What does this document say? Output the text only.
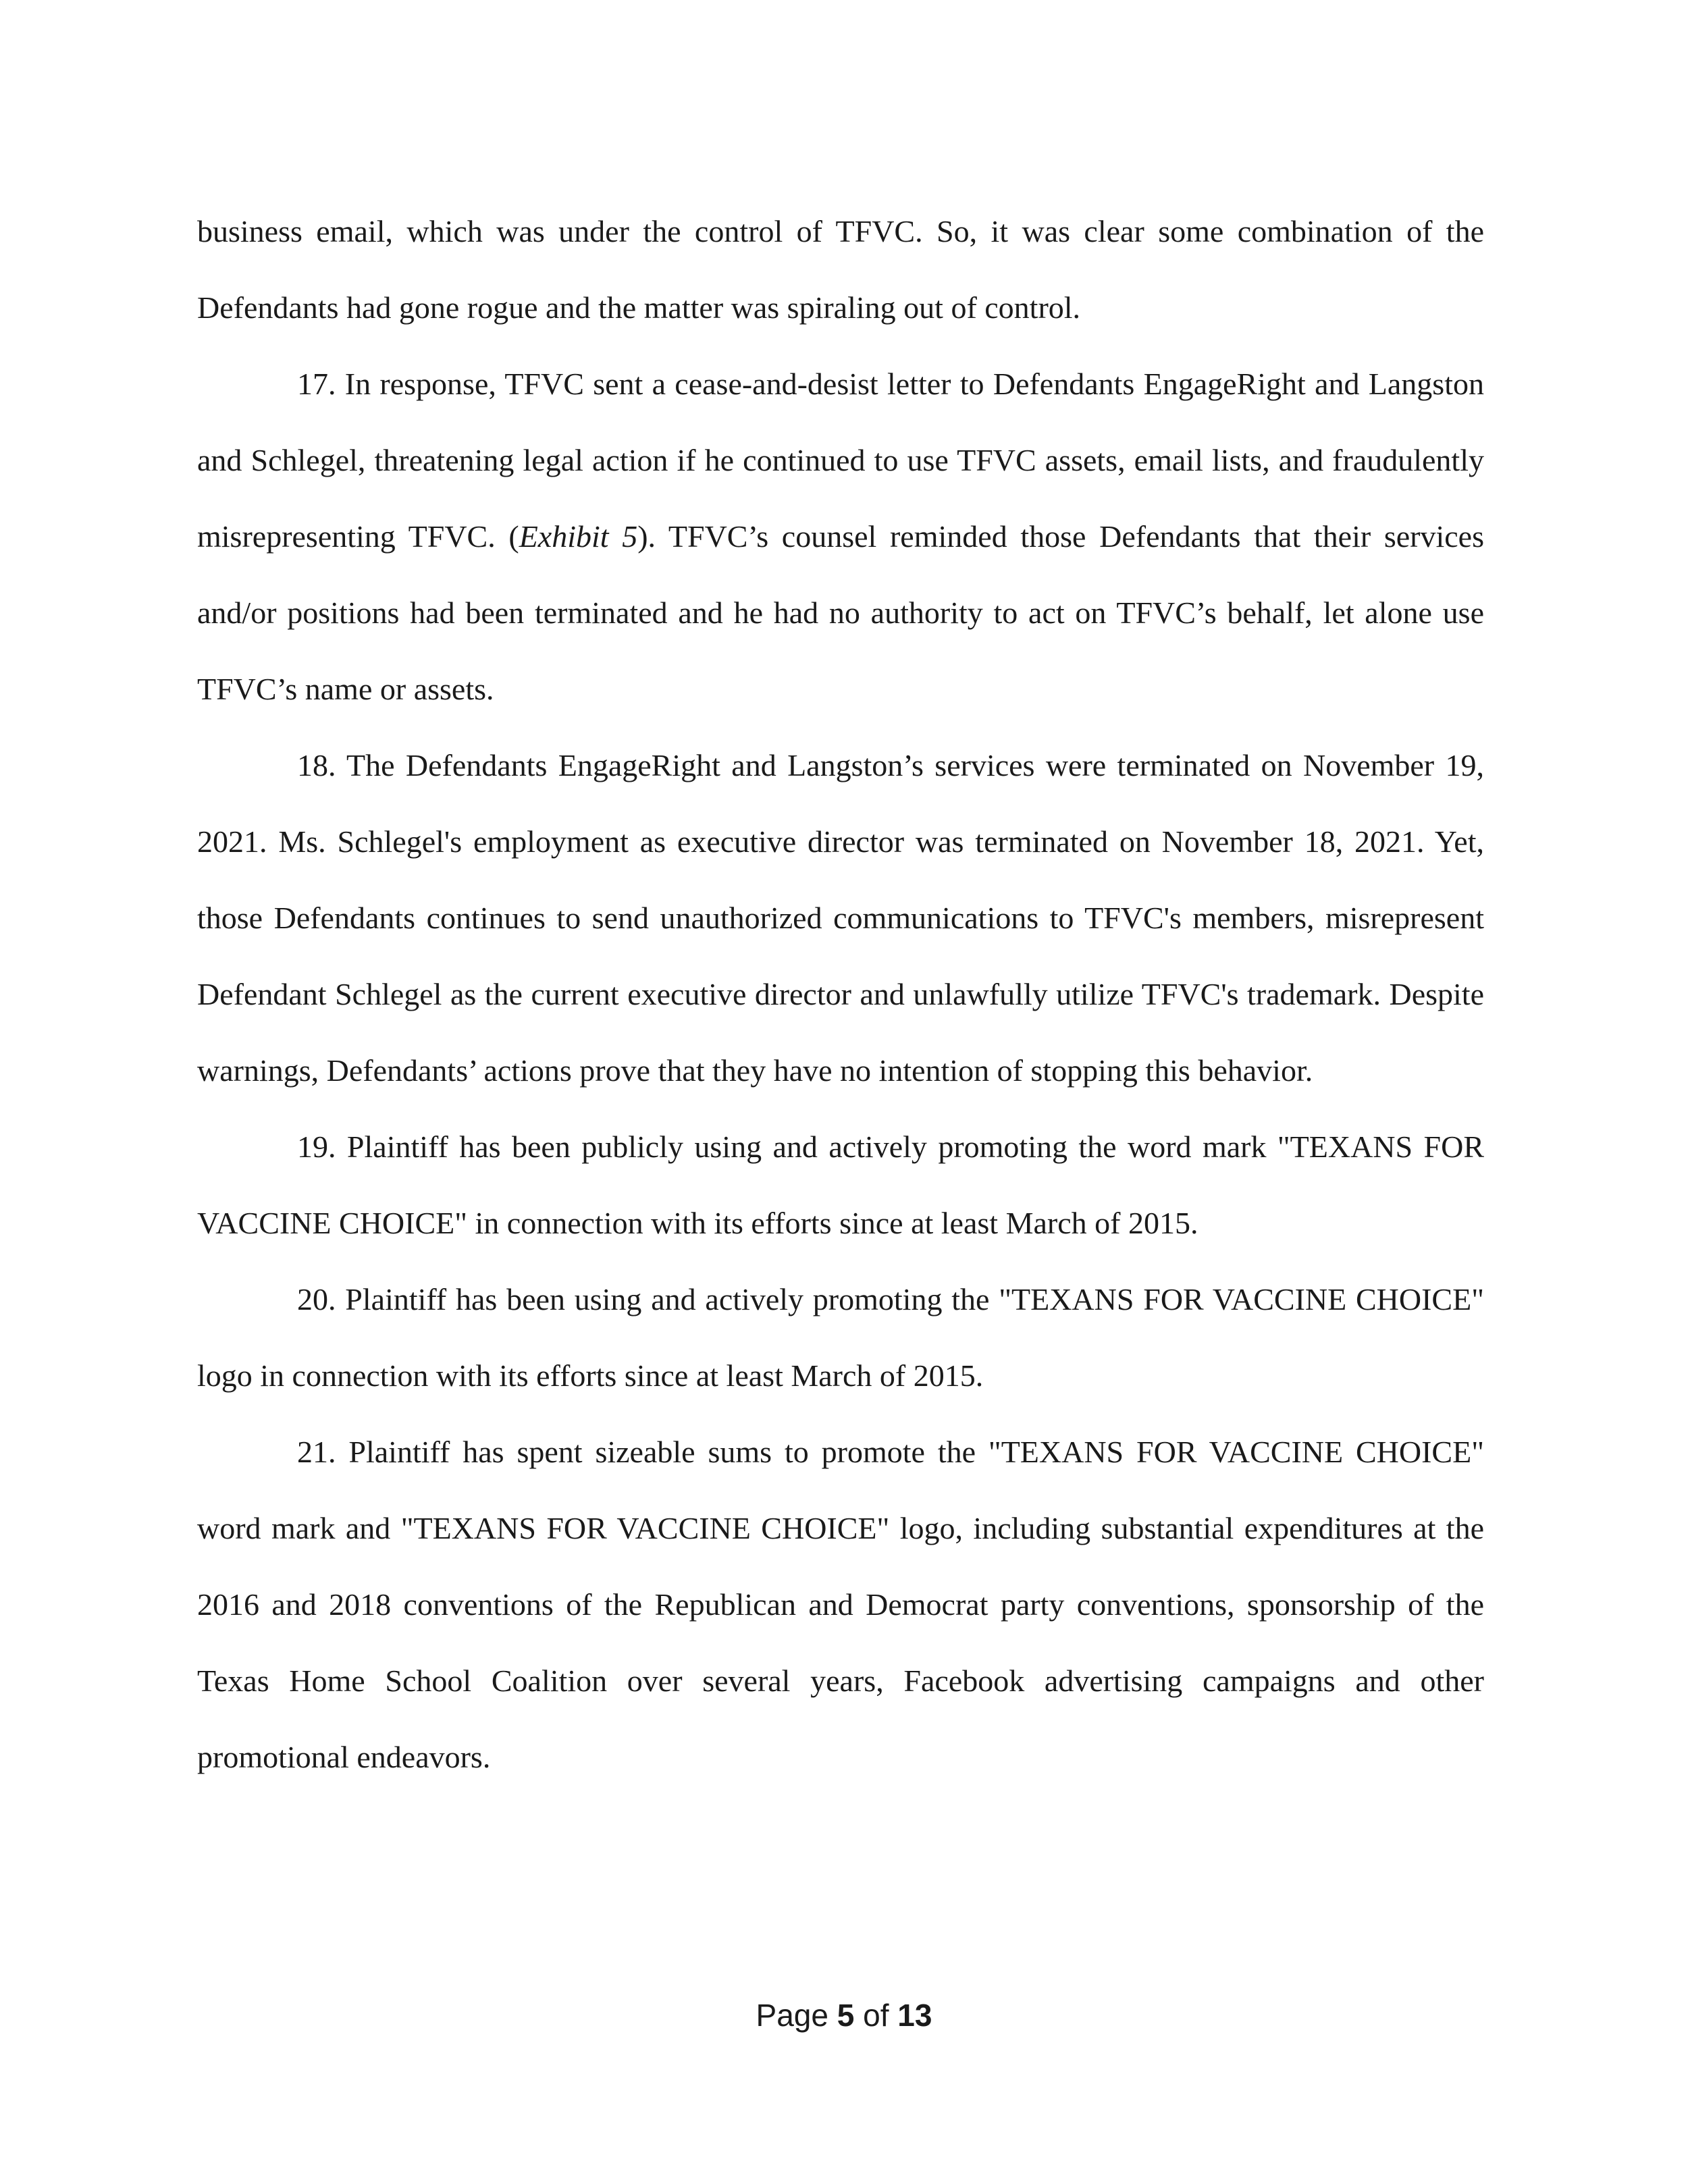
business email, which was under the control of TFVC. So, it was clear some combination of the Defendants had gone rogue and the matter was spiraling out of control.

17. In response, TFVC sent a cease-and-desist letter to Defendants EngageRight and Langston and Schlegel, threatening legal action if he continued to use TFVC assets, email lists, and fraudulently misrepresenting TFVC. (Exhibit 5). TFVC’s counsel reminded those Defendants that their services and/or positions had been terminated and he had no authority to act on TFVC’s behalf, let alone use TFVC’s name or assets.

18. The Defendants EngageRight and Langston’s services were terminated on November 19, 2021. Ms. Schlegel's employment as executive director was terminated on November 18, 2021. Yet, those Defendants continues to send unauthorized communications to TFVC's members, misrepresent Defendant Schlegel as the current executive director and unlawfully utilize TFVC's trademark. Despite warnings, Defendants’ actions prove that they have no intention of stopping this behavior.

19. Plaintiff has been publicly using and actively promoting the word mark "TEXANS FOR VACCINE CHOICE" in connection with its efforts since at least March of 2015.

20. Plaintiff has been using and actively promoting the "TEXANS FOR VACCINE CHOICE" logo in connection with its efforts since at least March of 2015.

21. Plaintiff has spent sizeable sums to promote the "TEXANS FOR VACCINE CHOICE" word mark and "TEXANS FOR VACCINE CHOICE" logo, including substantial expenditures at the 2016 and 2018 conventions of the Republican and Democrat party conventions, sponsorship of the Texas Home School Coalition over several years, Facebook advertising campaigns and other promotional endeavors.

Page 5 of 13
